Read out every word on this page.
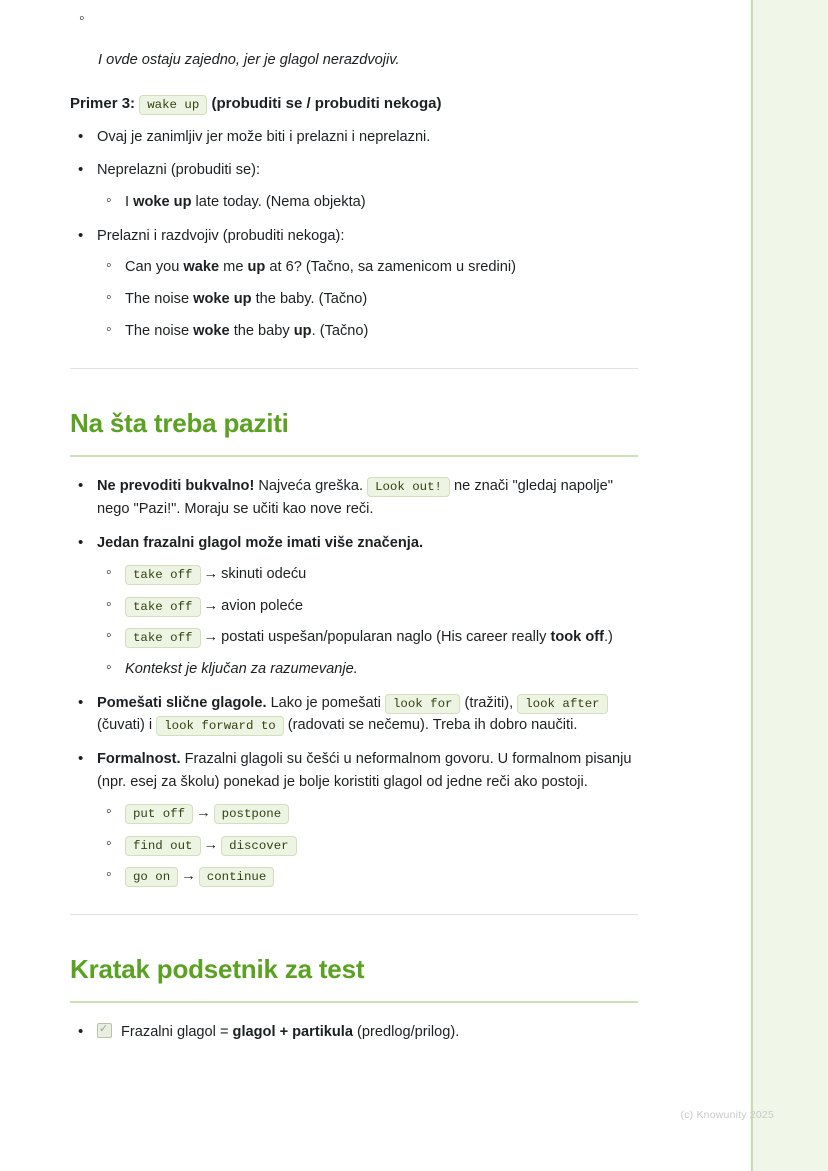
◦ I ovde ostaju zajedno, jer je glagol nerazdvojiv.
Primer 3: wake up (probuditi se / probuditi nekoga)
• Ovaj je zanimljiv jer može biti i prelazni i neprelazni.
• Neprelazni (probuditi se):
◦ I woke up late today. (Nema objekta)
• Prelazni i razdvojiv (probuditi nekoga):
◦ Can you wake me up at 6? (Tačno, sa zamenicom u sredini)
◦ The noise woke up the baby. (Tačno)
◦ The noise woke the baby up. (Tačno)
Na šta treba paziti
• Ne prevoditi bukvalno! Najveća greška. Look out! ne znači "gledaj napolje" nego "Pazi!". Moraju se učiti kao nove reči.
• Jedan frazalni glagol može imati više značenja.
◦ take off → skinuti odeću
◦ take off → avion poleće
◦ take off → postati uspešan/popularan naglo (His career really took off.)
◦ Kontekst je ključan za razumevanje.
• Pomešati slične glagole. Lako je pomešati look for (tražiti), look after (čuvati) i look forward to (radovati se nečemu). Treba ih dobro naučiti.
• Formalnost. Frazalni glagoli su češći u neformalnom govoru. U formalnom pisanju (npr. esej za školu) ponekad je bolje koristiti glagol od jedne reči ako postoji.
◦ put off → postpone
◦ find out → discover
◦ go on → continue
Kratak podsetnik za test
✓• Frazalni glagol = glagol + partikula (predlog/prilog).
(c) Knowunity 2025
